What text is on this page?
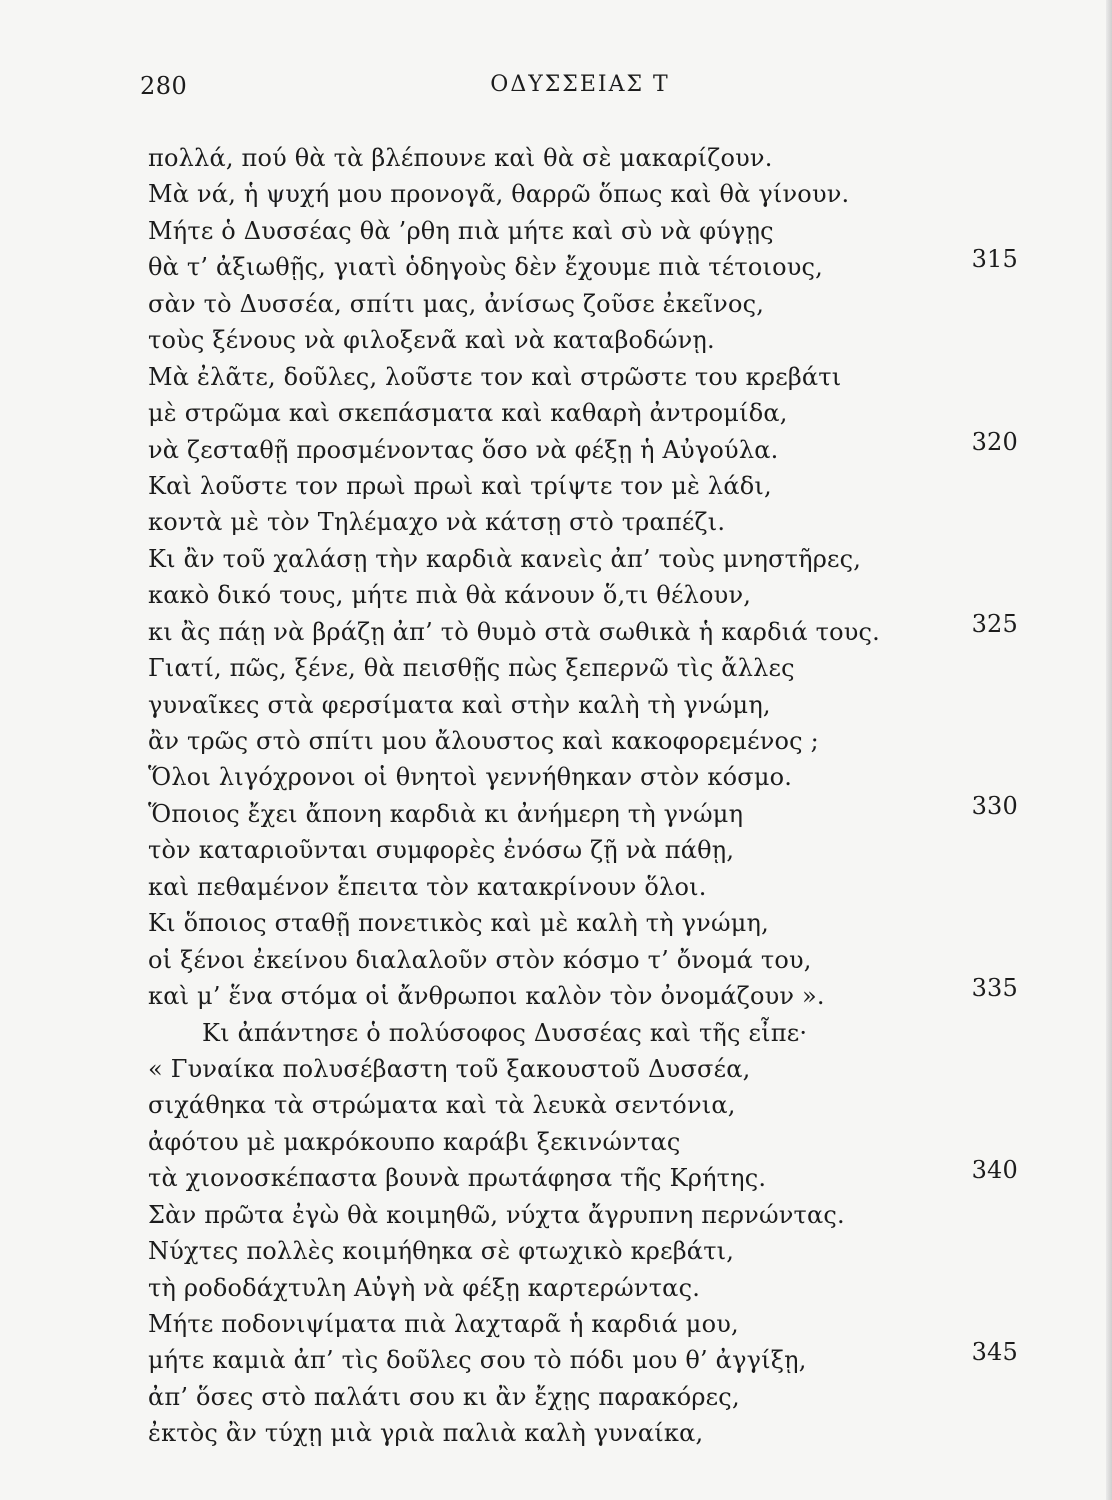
280	ΟΔΥΣΣΕΙΑΣ Τ
πολλά, πού θὰ τὰ βλέπουνε καὶ θὰ σὲ μακαρίζουν.
Μὰ νά, ἡ ψυχή μου προνογᾶ, θαρρῶ ὅπως καὶ θὰ γίνουν.
Μήτε ὁ Δυσσέας θὰ ’ρθη πιὰ μήτε καὶ σὺ νὰ φύγῃς
θὰ τ’ ἀξιωθῇς, γιατὶ ὁδηγοὺς δὲν ἔχουμε πιὰ τέτοιους,	315
σὰν τὸ Δυσσέα, σπίτι μας, ἀνίσως ζοῦσε ἐκεῖνος,
τοὺς ξένους νὰ φιλοξενᾶ καὶ νὰ καταβοδώνῃ.
Μὰ ἐλᾶτε, δοῦλες, λοῦστε τον καὶ στρῶστε του κρεβάτι
μὲ στρῶμα καὶ σκεπάσματα καὶ καθαρὴ ἀντρομίδα,
νὰ ζεσταθῇ προσμένοντας ὅσο νὰ φέξῃ ἡ Αὐγούλα.	320
Καὶ λοῦστε τον πρωὶ πρωὶ καὶ τρίψτε τον μὲ λάδι,
κοντὰ μὲ τὸν Τηλέμαχο νὰ κάτσῃ στὸ τραπέζι.
Κι ἂν τοῦ χαλάσῃ τὴν καρδιὰ κανεὶς ἀπ’ τοὺς μνηστῆρες,
κακὸ δικό τους, μήτε πιὰ θὰ κάνουν ὅ,τι θέλουν,
κι ἂς πάῃ νὰ βράζῃ ἀπ’ τὸ θυμὸ στὰ σωθικὰ ἡ καρδιά τους.	325
Γιατί, πῶς, ξένε, θὰ πεισθῇς πὼς ξεπερνῶ τὶς ἄλλες
γυναῖκες στὰ φερσίματα καὶ στὴν καλὴ τὴ γνώμη,
ἂν τρῶς στὸ σπίτι μου ἄλουστος καὶ κακοφορεμένος ;
Ὅλοι λιγόχρονοι οἱ θνητοὶ γεννήθηκαν στὸν κόσμο.
Ὅποιος ἔχει ἄπονη καρδιὰ κι ἀνήμερη τὴ γνώμη	330
τὸν καταριοῦνται συμφορὲς ἐνόσω ζῇ νὰ πάθῃ,
καὶ πεθαμένον ἔπειτα τὸν κατακρίνουν ὅλοι.
Κι ὅποιος σταθῇ πονετικὸς καὶ μὲ καλὴ τὴ γνώμη,
οἱ ξένοι ἐκείνου διαλαλοῦν στὸν κόσμο τ’ ὄνομά του,
καὶ μ’ ἕνα στόμα οἱ ἄνθρωποι καλὸν τὸν ὀνομάζουν ».	335
Κι ἀπάντησε ὁ πολύσοφος Δυσσέας καὶ τῆς εἶπε·
« Γυναίκα πολυσέβαστη τοῦ ξακουστοῦ Δυσσέα,
σιχάθηκα τὰ στρώματα καὶ τὰ λευκὰ σεντόνια,
ἀφότου μὲ μακρόκουπο καράβι ξεκινώντας
τὰ χιονοσκέπαστα βουνὰ πρωτάφησα τῆς Κρήτης.	340
Σὰν πρῶτα ἐγὼ θὰ κοιμηθῶ, νύχτα ἄγρυπνη περνώντας.
Νύχτες πολλὲς κοιμήθηκα σὲ φτωχικὸ κρεβάτι,
τὴ ροδοδάχτυλη Αὐγὴ νὰ φέξῃ καρτερώντας.
Μήτε ποδονιψίματα πιὰ λαχταρᾶ ἡ καρδιά μου,
μήτε καμιὰ ἀπ’ τὶς δοῦλες σου τὸ πόδι μου θ’ ἀγγίξῃ,	345
ἀπ’ ὅσες στὸ παλάτι σου κι ἂν ἔχῃς παρακόρες,
ἐκτὸς ἂν τύχῃ μιὰ γριὰ παλιὰ καλὴ γυναίκα,
